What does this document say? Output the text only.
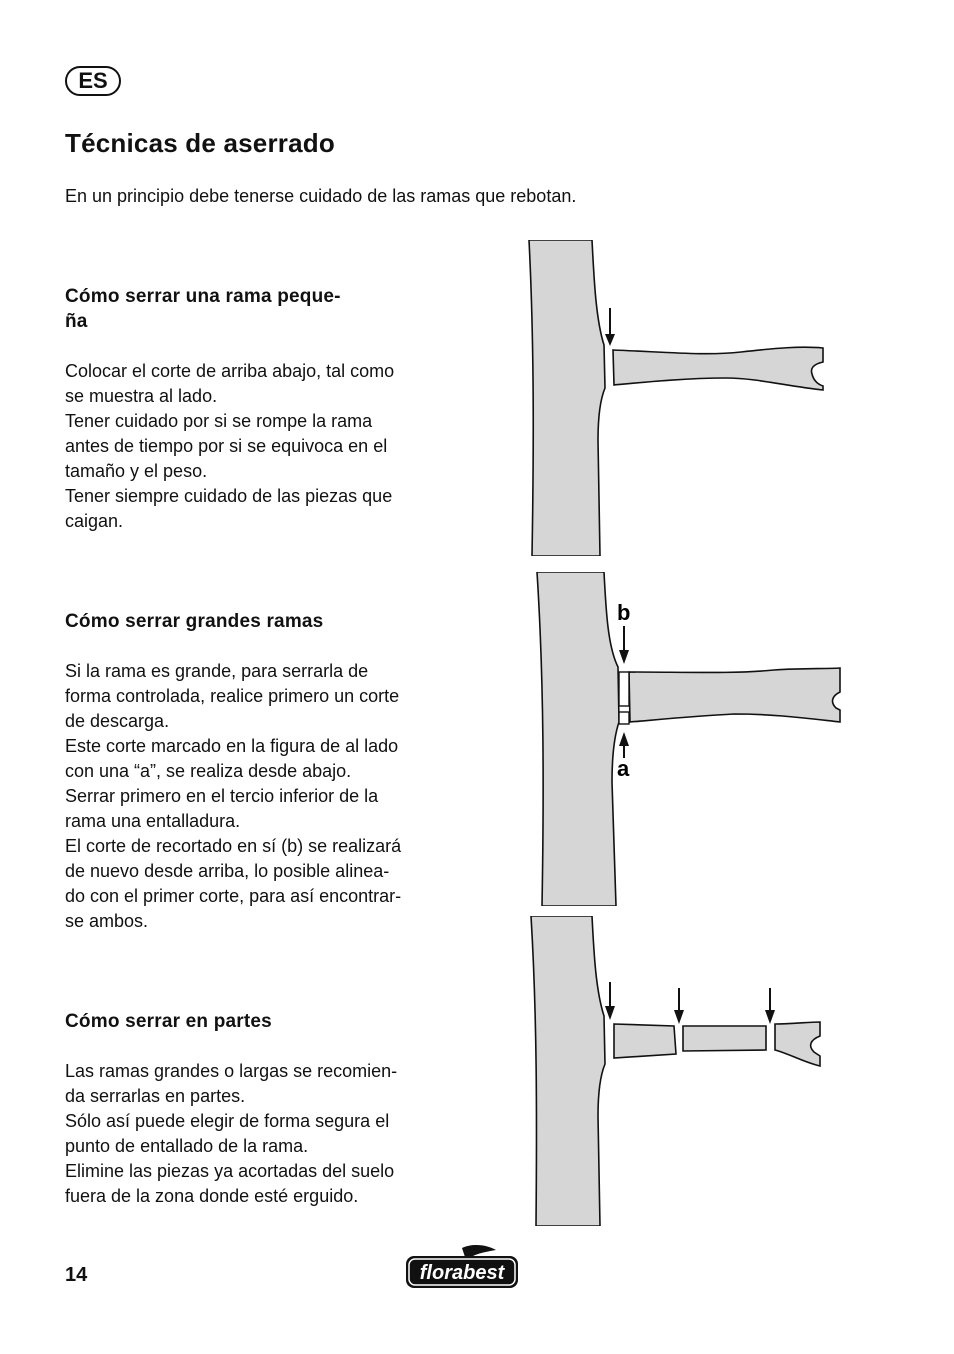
ES
Técnicas de aserrado

En un principio debe tenerse cuidado de las ramas que rebotan.

Cómo serrar una rama peque-
ña

Colocar el corte de arriba abajo, tal como
se muestra al lado.
Tener cuidado por si se rompe la rama
antes de tiempo por si se equivoca en el
tamaño y el peso.
Tener siempre cuidado de las piezas que
caigan.

Cómo serrar grandes ramas

Si la rama es grande, para serrarla de
forma controlada, realice primero un corte
de descarga.
Este corte marcado en la figura de al lado
con una “a”, se realiza desde abajo.
Serrar primero en el tercio inferior de la
rama una entalladura.
El corte de recortado en sí (b) se realizará
de nuevo desde arriba, lo posible alinea-
do con el primer corte, para así encontrar-
se ambos.

Cómo serrar en partes

Las ramas grandes o largas se recomien-
da serrarlas en partes.
Sólo así puede elegir de forma segura el
punto de entallado de la rama.
Elimine las piezas ya acortadas del suelo
fuera de la zona donde esté erguido.

b
a
14	florabest
